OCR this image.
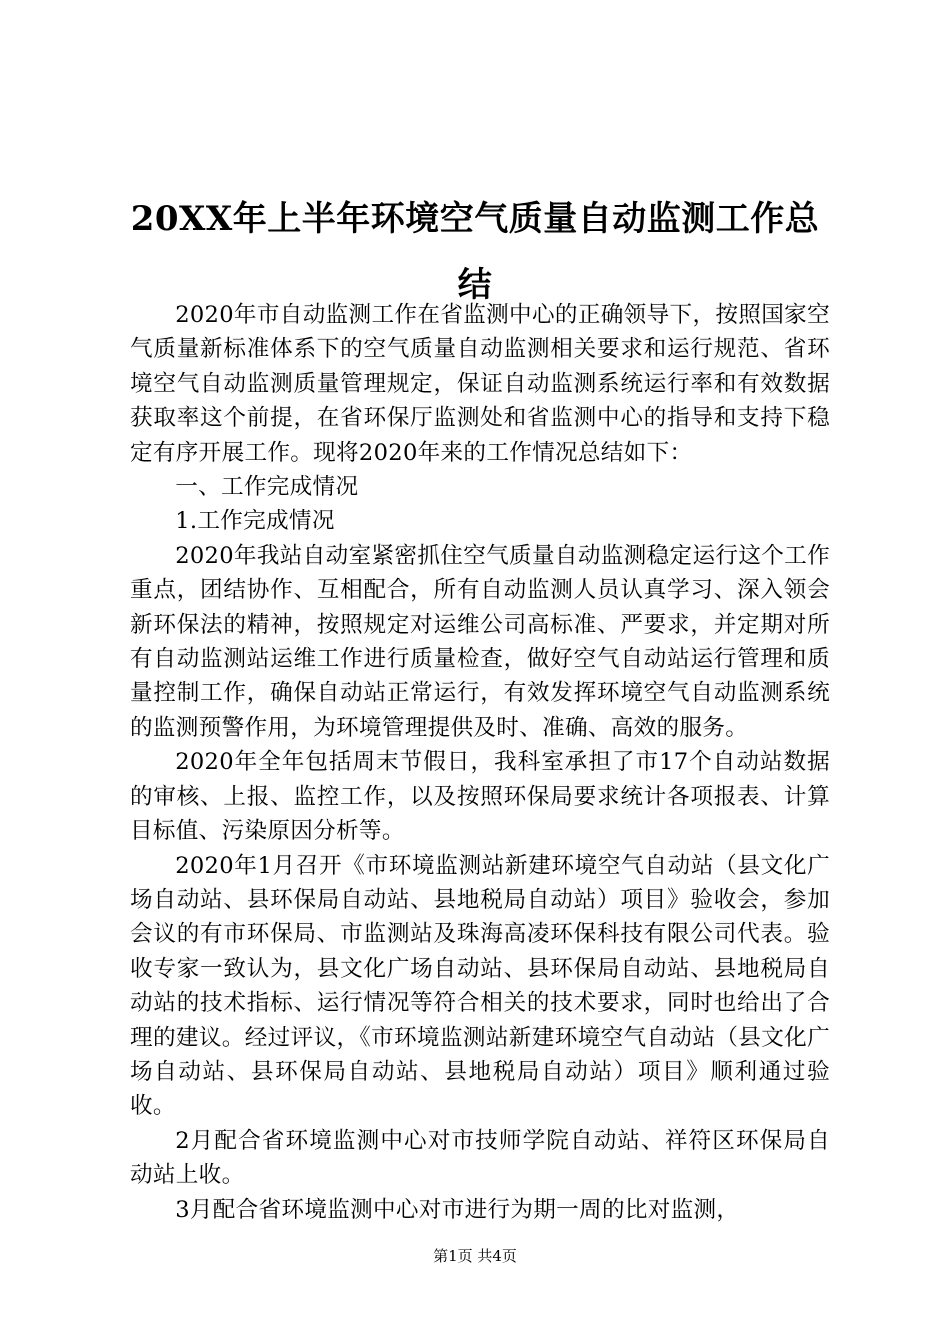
20XX年上半年环境空气质量自动监测工作总结

2020年市自动监测工作在省监测中心的正确领导下，按照国家空气质量新标准体系下的空气质量自动监测相关要求和运行规范、省环境空气自动监测质量管理规定，保证自动监测系统运行率和有效数据获取率这个前提，在省环保厅监测处和省监测中心的指导和支持下稳定有序开展工作。现将2020年来的工作情况总结如下：

一、工作完成情况

1.工作完成情况

2020年我站自动室紧密抓住空气质量自动监测稳定运行这个工作重点，团结协作、互相配合，所有自动监测人员认真学习、深入领会新环保法的精神，按照规定对运维公司高标准、严要求，并定期对所有自动监测站运维工作进行质量检查，做好空气自动站运行管理和质量控制工作，确保自动站正常运行，有效发挥环境空气自动监测系统的监测预警作用，为环境管理提供及时、准确、高效的服务。

2020年全年包括周末节假日，我科室承担了市17个自动站数据的审核、上报、监控工作，以及按照环保局要求统计各项报表、计算目标值、污染原因分析等。

2020年1月召开《市环境监测站新建环境空气自动站（县文化广场自动站、县环保局自动站、县地税局自动站）项目》验收会，参加会议的有市环保局、市监测站及珠海高凌环保科技有限公司代表。验收专家一致认为，县文化广场自动站、县环保局自动站、县地税局自动站的技术指标、运行情况等符合相关的技术要求，同时也给出了合理的建议。经过评议，《市环境监测站新建环境空气自动站（县文化广场自动站、县环保局自动站、县地税局自动站）项目》顺利通过验收。

2月配合省环境监测中心对市技师学院自动站、祥符区环保局自动站上收。

3月配合省环境监测中心对市进行为期一周的比对监测，

第1页 共4页
